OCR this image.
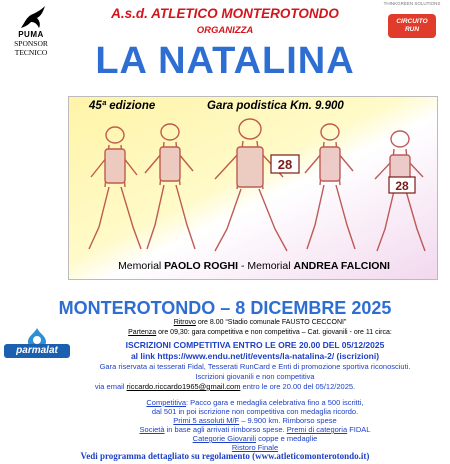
PUMA
SPONSOR
TECNICO
A.s.d. ATLETICO MONTEROTONDO
ORGANIZZA
THINKGREEN SOLUTIONS
CIRCUITO
RUN
LA NATALINA
45ª edizione	Gara podistica Km. 9.900
28
28
Memorial PAOLO ROGHI - Memorial ANDREA FALCIONI
MONTEROTONDO – 8 DICEMBRE 2025
Ritrovo ore 8.00 “Stadio comunale FAUSTO CECCONI”
Partenza ore 09,30: gara competitiva e non competitiva – Cat. giovanili - ore 11 circa:
parmalat	ISCRIZIONI COMPETITIVA ENTRO LE ORE 20.00 DEL 05/12/2025
al link https://www.endu.net/it/events/la-natalina-2/ (iscrizioni)
Gara riservata ai tesserati Fidal, Tesserati RunCard e Enti di promozione sportiva riconosciuti.
Iscrizioni giovanili e non competitiva
via email riccardo.riccardo1965@gmail.com entro le ore 20.00 del 05/12/2025.
Competitiva: Pacco gara e medaglia celebrativa fino a 500 iscritti,
dal 501 in poi iscrizione non competitiva con medaglia ricordo.
Primi 5 assoluti M/F – 9.900 km. Rimborso spese
Società in base agli arrivati rimborso spese. Premi di categoria FIDAL
Categorie Giovanili coppe e medaglie
Ristoro Finale
Vedi programma dettagliato su regolamento (www.atleticomonterotondo.it)
